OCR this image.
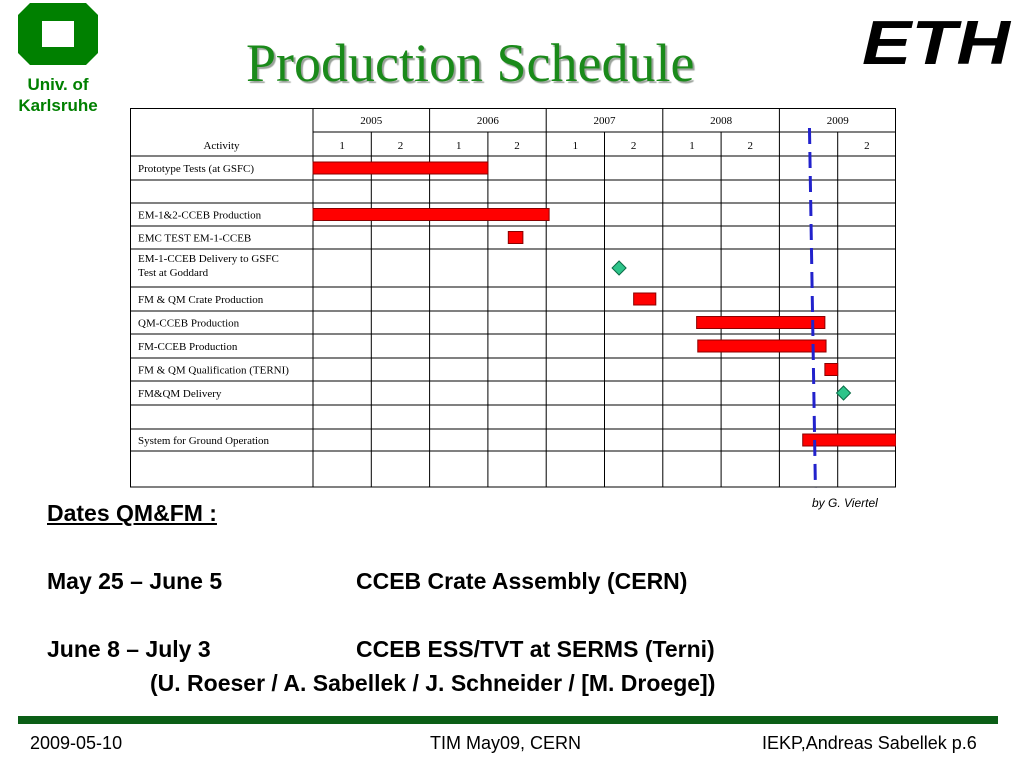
Univ. of
Karlsruhe
Production Schedule	ETH
Activity
2005	2006	2007	2008	2009
1	2	1	2	1	2	1	2	2
Prototype Tests (at GSFC)
EM-1&2-CCEB Production
EMC TEST EM-1-CCEB
EM-1-CCEB Delivery to GSFC
Test at Goddard
FM & QM Crate Production
QM-CCEB Production
FM-CCEB Production
FM & QM Qualification (TERNI)
FM&QM Delivery
System for Ground Operation
by G. Viertel
Dates QM&FM :
May 25 – June 5	CCEB Crate Assembly (CERN)
June 8 – July 3	CCEB ESS/TVT at SERMS (Terni)
(U. Roeser / A. Sabellek / J. Schneider / [M. Droege])
2009-05-10	TIM May09, CERN	IEKP,Andreas Sabellek p.6
